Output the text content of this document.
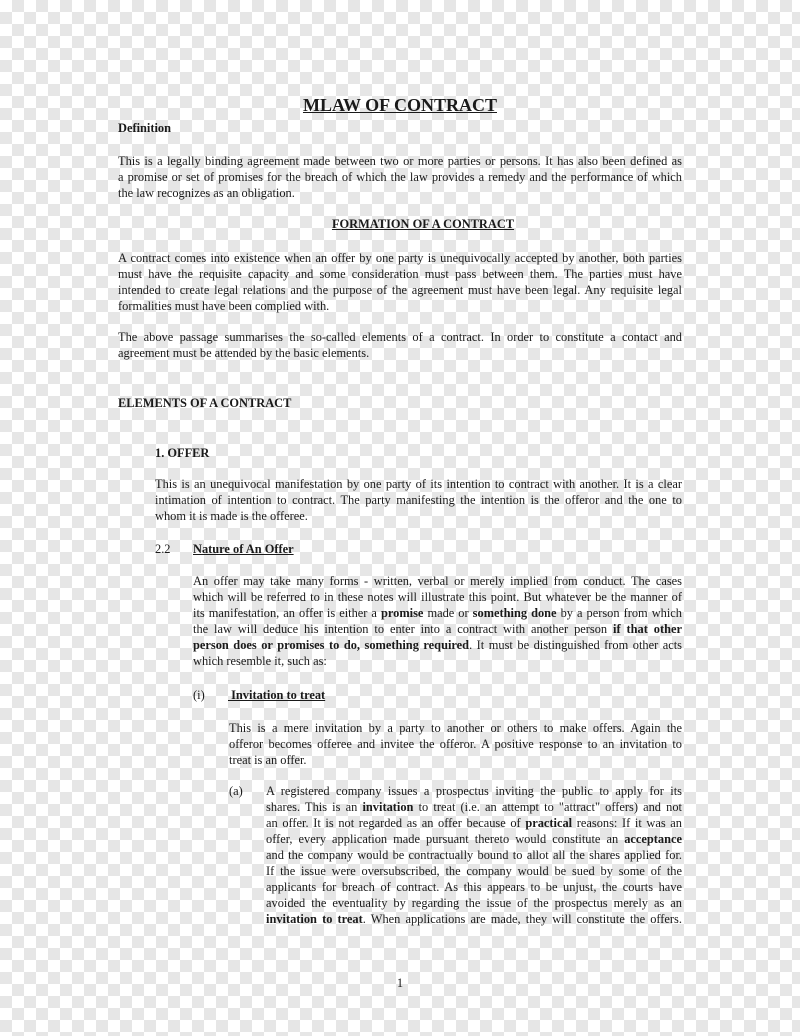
MLAW OF CONTRACT
Definition
This is a legally binding agreement made between two or more parties or persons. It has also been defined as
a promise or set of promises for the breach of which the law provides a remedy and the performance of which
the law recognizes as an obligation.
FORMATION OF A CONTRACT
A contract comes into existence when an offer by one party is unequivocally accepted by another, both parties
must have the requisite capacity and some consideration must pass between them. The parties must have
intended to create legal relations and the purpose of the agreement must have been legal. Any requisite legal
formalities must have been complied with.
The above passage summarises the so-called elements of a contract. In order to constitute a contact and
agreement must be attended by the basic elements.
ELEMENTS OF A CONTRACT
1. OFFER
This is an unequivocal manifestation by one party of its intention to contract with another. It is a clear
intimation of intention to contract. The party manifesting the intention is the offeror and the one to
whom it is made is the offeree.
2.2 Nature of An Offer
An offer may take many forms - written, verbal or merely implied from conduct. The cases
which will be referred to in these notes will illustrate this point. But whatever be the manner of
its manifestation, an offer is either a promise made or something done by a person from which
the law will deduce his intention to enter into a contract with another person if that other
person does or promises to do, something required. It must be distinguished from other acts
which resemble it, such as:
(i) Invitation to treat
This is a mere invitation by a party to another or others to make offers. Again the
offeror becomes offeree and invitee the offeror. A positive response to an invitation to
treat is an offer.
(a) A registered company issues a prospectus inviting the public to apply for its
shares. This is an invitation to treat (i.e. an attempt to "attract" offers) and not
an offer. It is not regarded as an offer because of practical reasons: If it was an
offer, every application made pursuant thereto would constitute an acceptance
and the company would be contractually bound to allot all the shares applied for.
If the issue were oversubscribed, the company would be sued by some of the
applicants for breach of contract. As this appears to be unjust, the courts have
avoided the eventuality by regarding the issue of the prospectus merely as an
invitation to treat. When applications are made, they will constitute the offers.
1
